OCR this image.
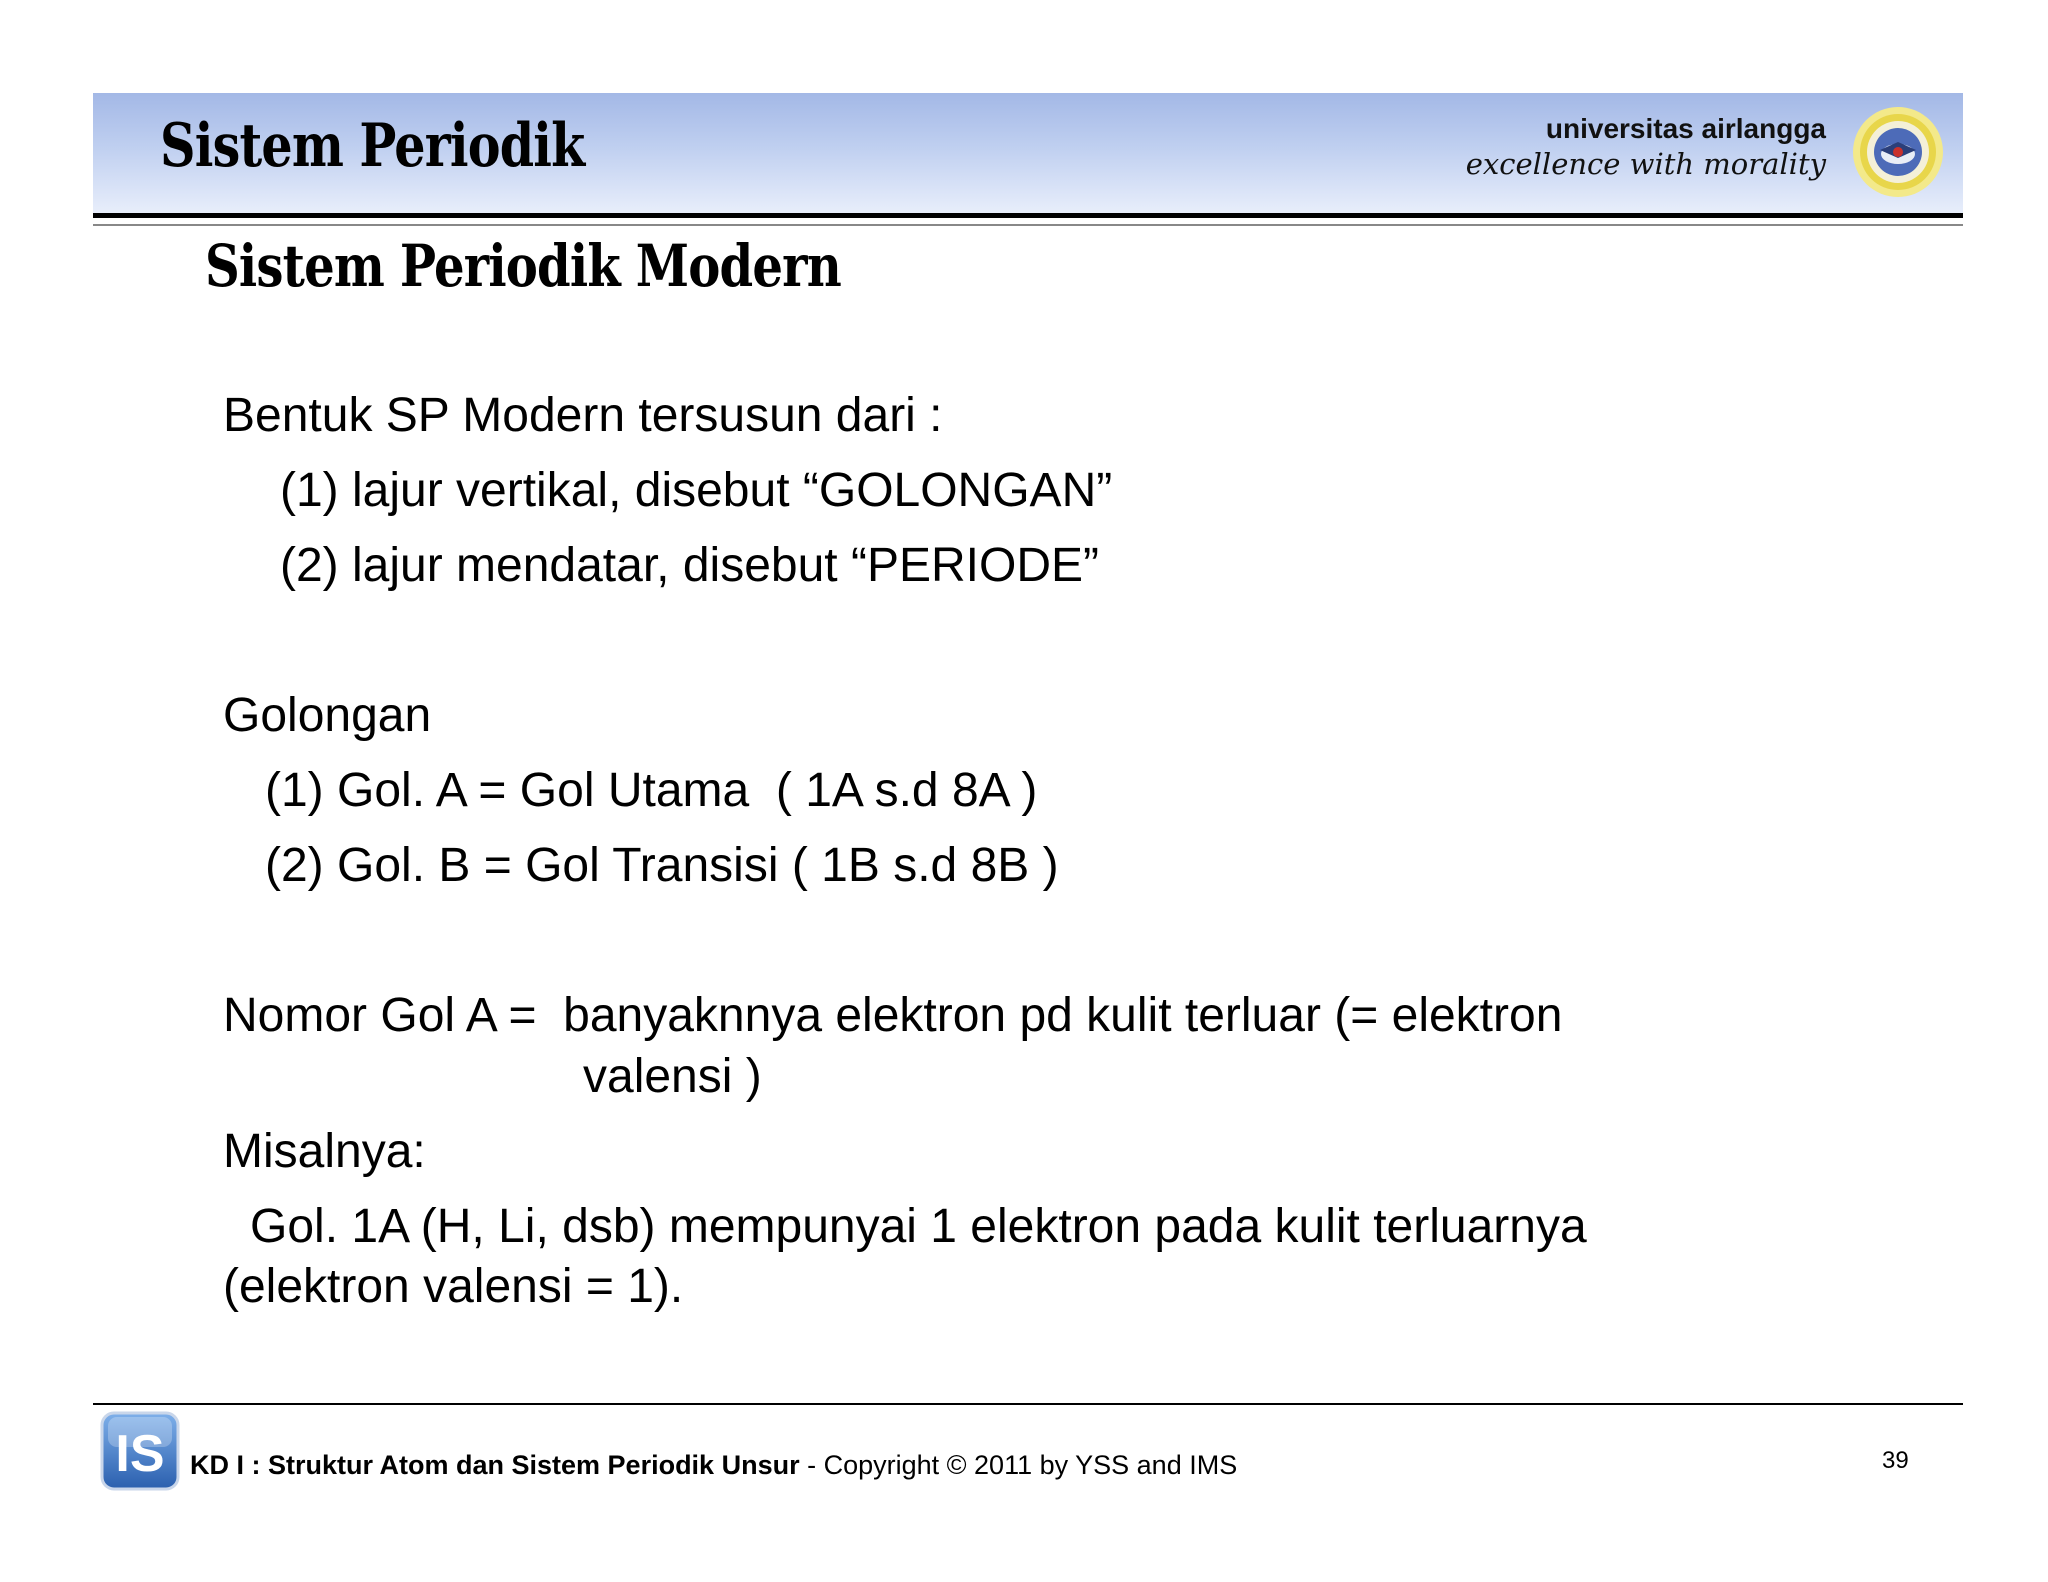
Sistem Periodik	universitas airlangga
excellence with morality
Sistem Periodik Modern
Bentuk SP Modern tersusun dari :
(1) lajur vertikal, disebut “GOLONGAN”
(2) lajur mendatar, disebut “PERIODE”
Golongan
(1) Gol. A = Gol Utama  ( 1A s.d 8A )
(2) Gol. B = Gol Transisi ( 1B s.d 8B )
Nomor Gol A =  banyaknnya elektron pd kulit terluar (= elektron
valensi )
Misalnya:
Gol. 1A (H, Li, dsb) mempunyai 1 elektron pada kulit terluarnya
(elektron valensi = 1).
IS KD I : Struktur Atom dan Sistem Periodik Unsur - Copyright © 2011 by YSS and IMS	39
